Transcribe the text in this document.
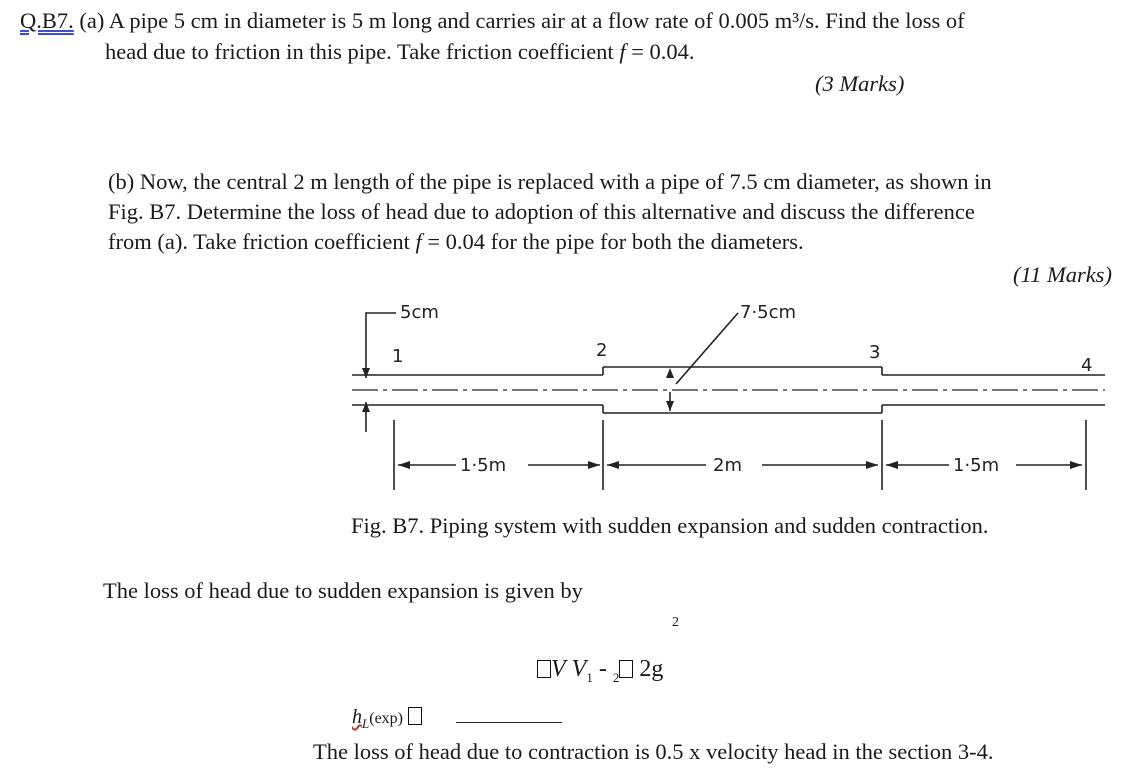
Q.B7. (a) A pipe 5 cm in diameter is 5 m long and carries air at a flow rate of 0.005 m³/s. Find the loss of
head due to friction in this pipe. Take friction coefficient f = 0.04.
(3 Marks)
(b) Now, the central 2 m length of the pipe is replaced with a pipe of 7.5 cm diameter, as shown in
Fig. B7. Determine the loss of head due to adoption of this alternative and discuss the difference
from (a). Take friction coefficient f = 0.04 for the pipe for both the diameters.
(11 Marks)
5cm	7·5cm
1	2	3
4
1·5m	2m	1·5m
Fig. B7. Piping system with sudden expansion and sudden contraction.
The loss of head due to sudden expansion is given by
2
V $V_1 - _2$ 2g
$h_L(\exp)$
The loss of head due to contraction is 0.5 x velocity head in the section 3-4.
